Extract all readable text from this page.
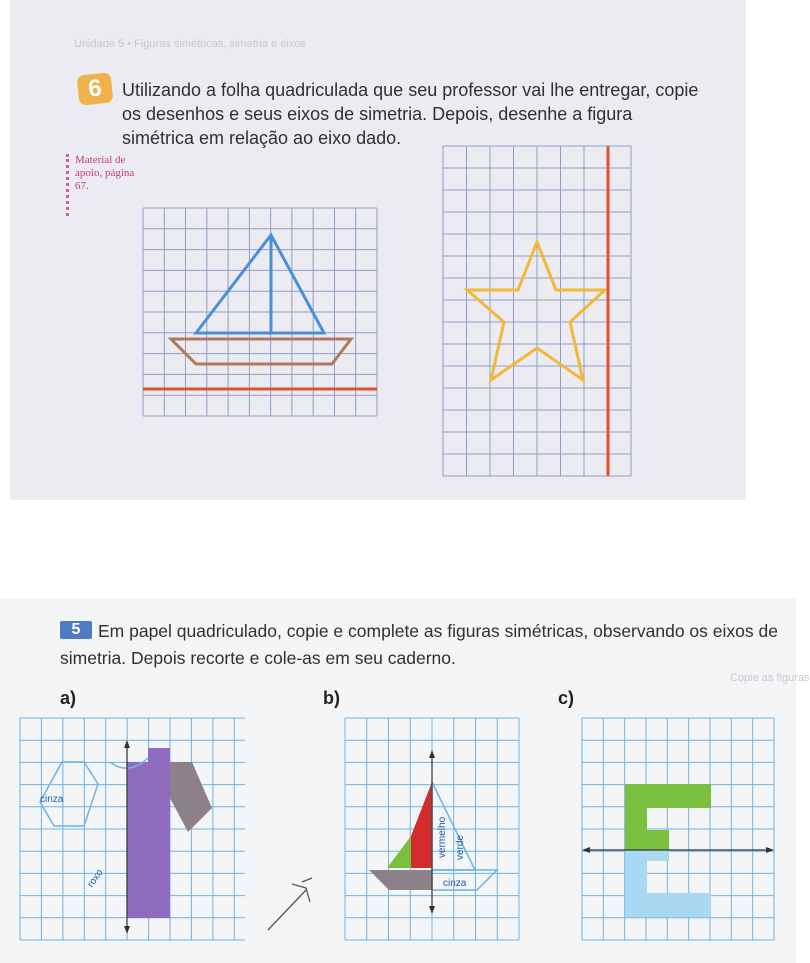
Unidade 5 • Figuras simétricas, simetria e eixos
6	Utilizando a folha quadriculada que seu professor vai lhe entregar, copie os desenhos e seus eixos de simetria. Depois, desenhe a figura simétrica em relação ao eixo dado.
Material de apoio, página 67.
Copie as figuras
5	Em papel quadriculado, copie e complete as figuras simétricas, observando os eixos de simetria. Depois recorte e cole-as em seu caderno.
a)	b)	c)
cinza
roxo
vermelho verde
cinza
